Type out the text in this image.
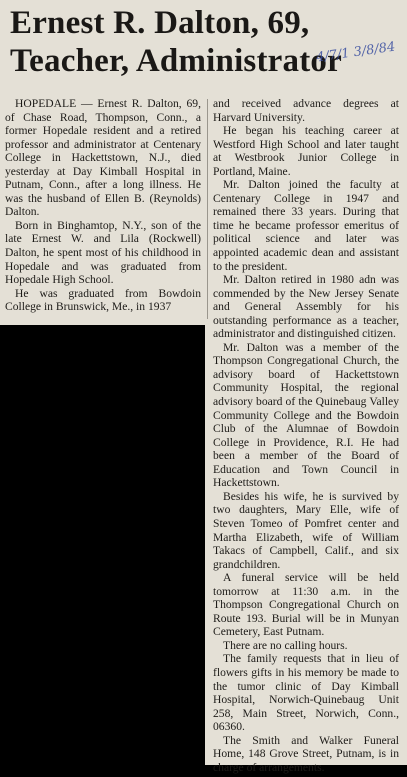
Ernest R. Dalton, 69,
Teacher, Administrator
4/7/1 3/8/84

HOPEDALE — Ernest R. Dalton, 69, of Chase Road, Thompson, Conn., a former Hopedale resident and a retired professor and administrator at Centenary College in Hackettstown, N.J., died yesterday at Day Kimball Hospital in Putnam, Conn., after a long illness. He was the husband of Ellen B. (Reynolds) Dalton.

Born in Binghamtop, N.Y., son of the late Ernest W. and Lila (Rockwell) Dalton, he spent most of his childhood in Hopedale and was graduated from Hopedale High School.

He was graduated from Bowdoin College in Brunswick, Me., in 1937

and received advance degrees at Harvard University.

He began his teaching career at Westford High School and later taught at Westbrook Junior College in Portland, Maine.

Mr. Dalton joined the faculty at Centenary College in 1947 and remained there 33 years. During that time he became professor emeritus of political science and later was appointed academic dean and assistant to the president.

Mr. Dalton retired in 1980 adn was commended by the New Jersey Senate and General Assembly for his outstanding performance as a teacher, administrator and distinguished citizen.

Mr. Dalton was a member of the Thompson Congregational Church, the advisory board of Hackettstown Community Hospital, the regional advisory board of the Quinebaug Valley Community College and the Bowdoin Club of the Alumnae of Bowdoin College in Providence, R.I. He had been a member of the Board of Education and Town Council in Hackettstown.

Besides his wife, he is survived by two daughters, Mary Elle, wife of Steven Tomeo of Pomfret center and Martha Elizabeth, wife of William Takacs of Campbell, Calif., and six grandchildren.

A funeral service will be held tomorrow at 11:30 a.m. in the Thompson Congregational Church on Route 193. Burial will be in Munyan Cemetery, East Putnam.

There are no calling hours.

The family requests that in lieu of flowers gifts in his memory be made to the tumor clinic of Day Kimball Hospital, Norwich-Quinebaug Unit 258, Main Street, Norwich, Conn., 06360.

The Smith and Walker Funeral Home, 148 Grove Street, Putnam, is in charge of arrangements.
